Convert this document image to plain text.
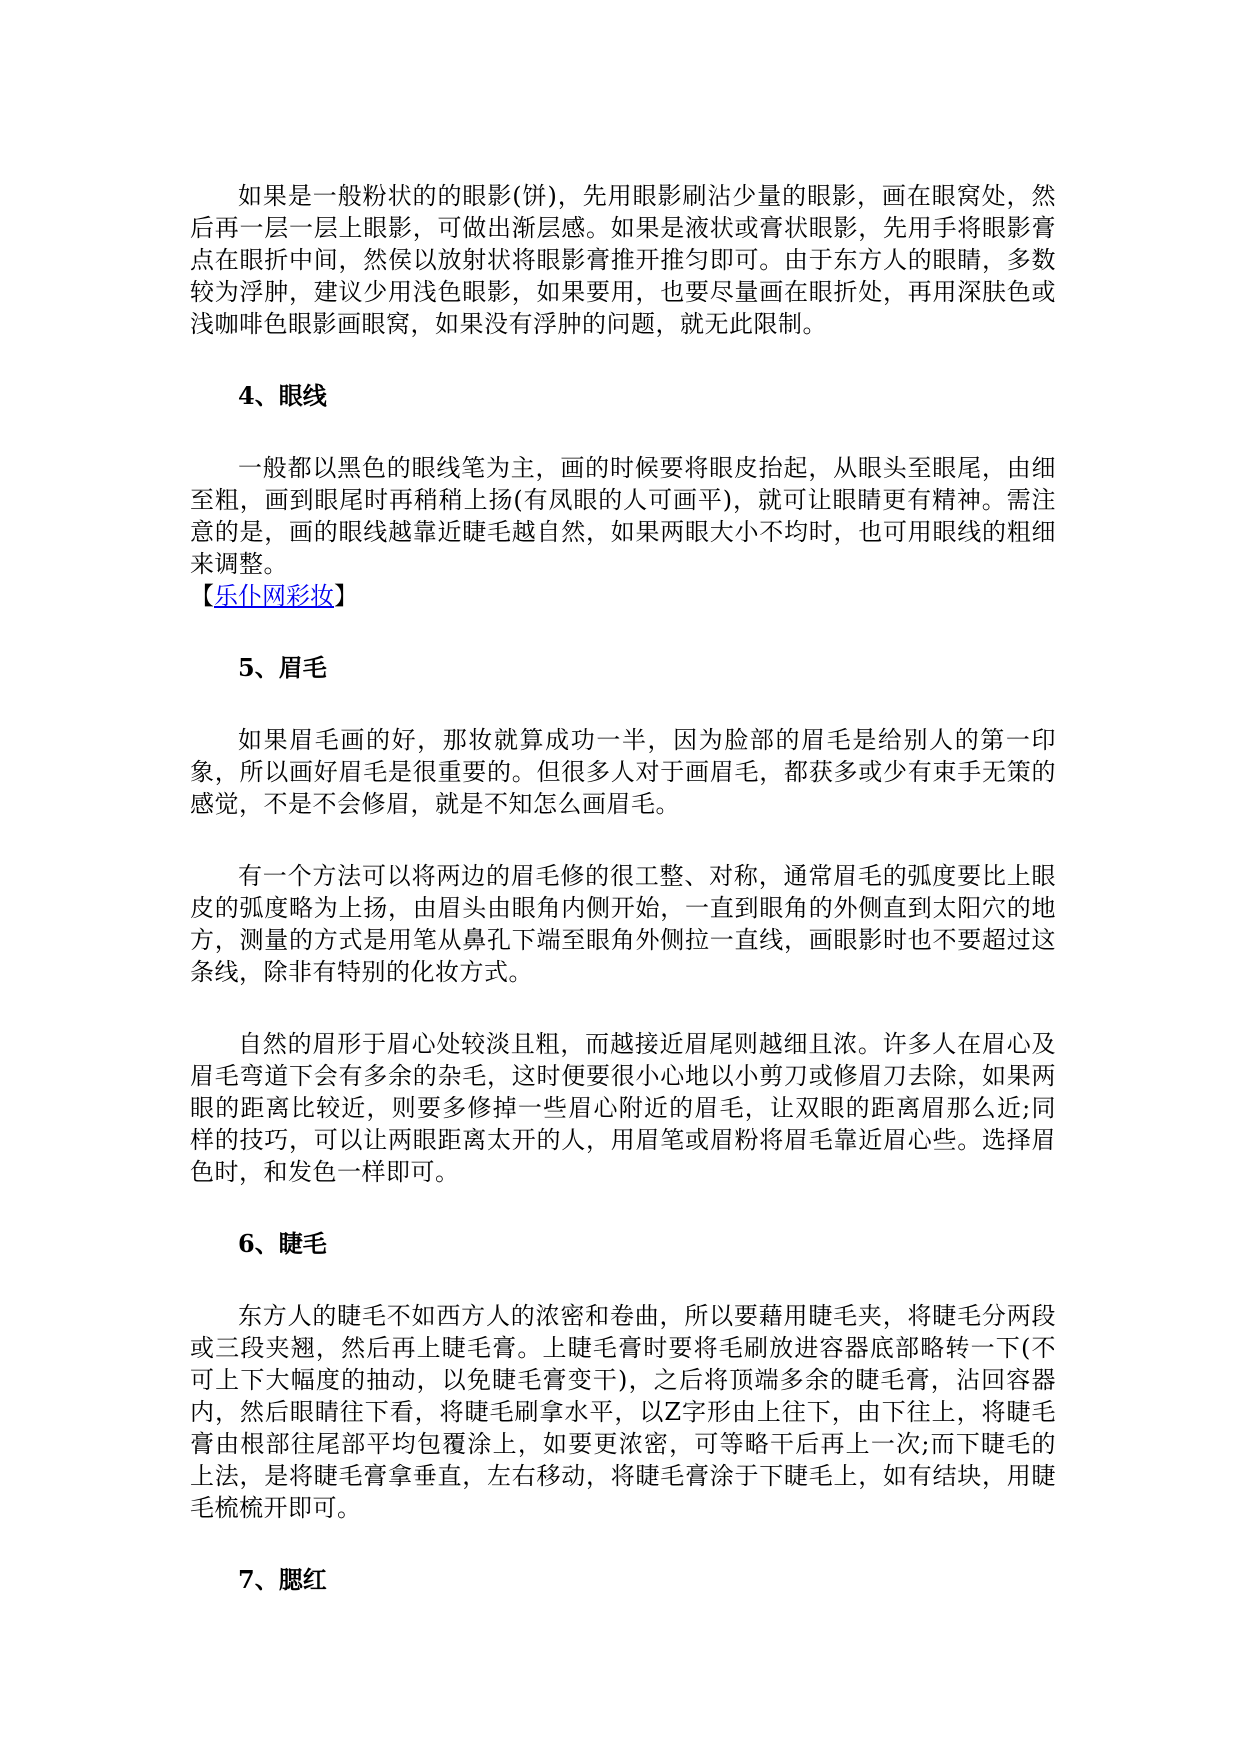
如果是一般粉状的的眼影(饼)，先用眼影刷沾少量的眼影，画在眼窝处，然后再一层一层上眼影，可做出渐层感。如果是液状或膏状眼影，先用手将眼影膏点在眼折中间，然侯以放射状将眼影膏推开推匀即可。由于东方人的眼睛，多数较为浮肿，建议少用浅色眼影，如果要用，也要尽量画在眼折处，再用深肤色或浅咖啡色眼影画眼窝，如果没有浮肿的问题，就无此限制。

4、眼线

一般都以黑色的眼线笔为主，画的时候要将眼皮抬起，从眼头至眼尾，由细至粗，画到眼尾时再稍稍上扬(有凤眼的人可画平)，就可让眼睛更有精神。需注意的是，画的眼线越靠近睫毛越自然，如果两眼大小不均时，也可用眼线的粗细来调整。

【乐仆网彩妆】
5、眉毛

如果眉毛画的好，那妆就算成功一半，因为脸部的眉毛是给别人的第一印象，所以画好眉毛是很重要的。但很多人对于画眉毛，都获多或少有束手无策的感觉，不是不会修眉，就是不知怎么画眉毛。

有一个方法可以将两边的眉毛修的很工整、对称，通常眉毛的弧度要比上眼皮的弧度略为上扬，由眉头由眼角内侧开始，一直到眼角的外侧直到太阳穴的地方，测量的方式是用笔从鼻孔下端至眼角外侧拉一直线，画眼影时也不要超过这条线，除非有特别的化妆方式。

自然的眉形于眉心处较淡且粗，而越接近眉尾则越细且浓。许多人在眉心及眉毛弯道下会有多余的杂毛，这时便要很小心地以小剪刀或修眉刀去除，如果两眼的距离比较近，则要多修掉一些眉心附近的眉毛，让双眼的距离眉那么近;同样的技巧，可以让两眼距离太开的人，用眉笔或眉粉将眉毛靠近眉心些。选择眉色时，和发色一样即可。

6、睫毛

东方人的睫毛不如西方人的浓密和卷曲，所以要藉用睫毛夹，将睫毛分两段或三段夹翘，然后再上睫毛膏。上睫毛膏时要将毛刷放进容器底部略转一下(不可上下大幅度的抽动，以免睫毛膏变干)，之后将顶端多余的睫毛膏，沾回容器内，然后眼睛往下看，将睫毛刷拿水平，以Z字形由上往下，由下往上，将睫毛膏由根部往尾部平均包覆涂上，如要更浓密，可等略干后再上一次;而下睫毛的上法，是将睫毛膏拿垂直，左右移动，将睫毛膏涂于下睫毛上，如有结块，用睫毛梳梳开即可。

7、腮红
